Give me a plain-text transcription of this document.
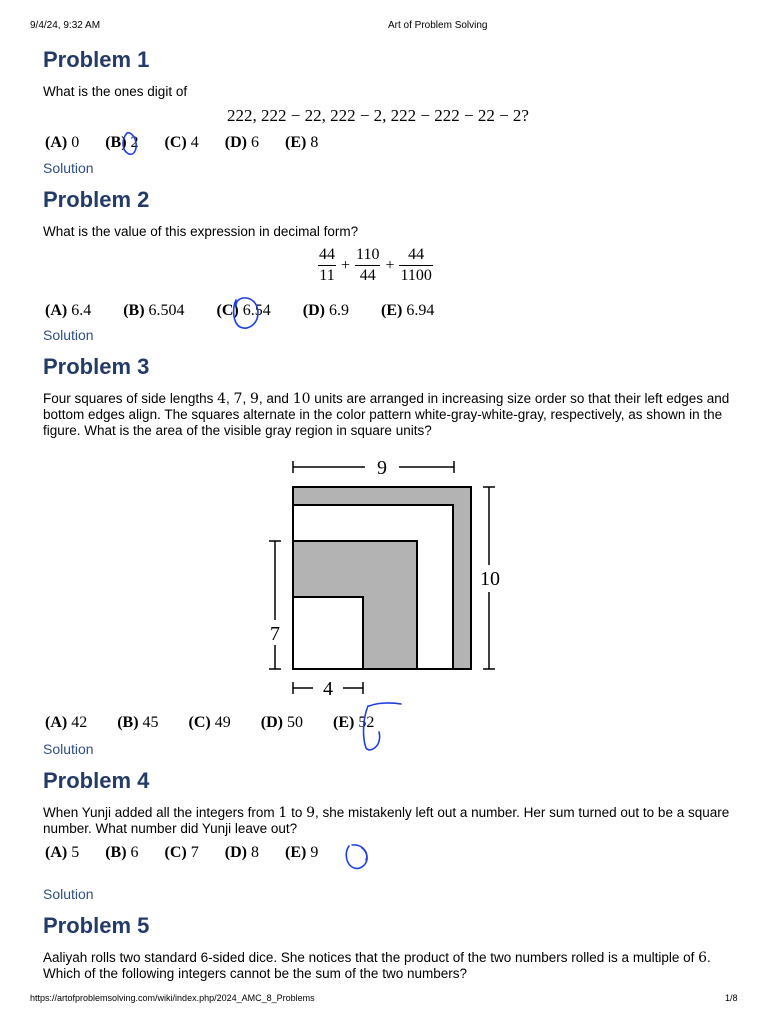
9/4/24, 9:32 AM	Art of Problem Solving
https://artofproblemsolving.com/wiki/index.php/2024_AMC_8_Problems	1/8
Problem 1

What is the ones digit of

222, 222 − 22, 222 − 2, 222 − 222 − 22 − 2?
(A) 0 (B) 2 (C) 4 (D) 6 (E) 8
Solution
Problem 2

What is the value of this expression in decimal form?

$\frac{44}{11} + \frac{110}{44} + \frac{44}{1100}$
(A) 6.4 (B) 6.504 (C) 6.54 (D) 6.9 (E) 6.94
Solution
Problem 3

Four squares of side lengths 4, 7, 9, and 10 units are arranged in increasing size order so that their left edges and bottom edges align. The squares alternate in the color pattern white-gray-white-gray, respectively, as shown in the figure. What is the area of the visible gray region in square units?

9
10
7
4
(A) 42 (B) 45 (C) 49 (D) 50 (E) 52
Solution
Problem 4

When Yunji added all the integers from 1 to 9, she mistakenly left out a number. Her sum turned out to be a square number. What number did Yunji leave out?

(A) 5 (B) 6 (C) 7 (D) 8 (E) 9
Solution
Problem 5

Aaliyah rolls two standard 6-sided dice. She notices that the product of the two numbers rolled is a multiple of 6. Which of the following integers cannot be the sum of the two numbers?
